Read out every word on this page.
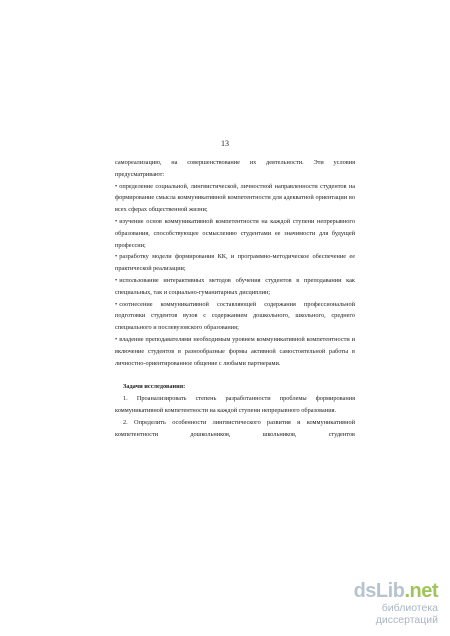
13

самореализацию, на совершенствование их деятельности. Эти условия предусматривают:

• определение социальной, лингвистической, личностной направленности студентов на формирование смысла коммуникативной компетентности для адекватной ориентации во всех сферах общественной жизни;

• изучение основ коммуникативной компетентности на каждой ступени непрерывного образования, способствующее осмыслению студентами ее значимости для будущей профессии;

• разработку модели формирования КК, и программно-методическое обеспечение ее практической реализации;

• использование интерактивных методов обучения студентов в преподавании как специальных, так и социально-гуманитарных дисциплин;

• соотнесение коммуникативной составляющей содержания профессиональной подготовки студентов вузов с содержанием дошкольного, школьного, среднего специального и послевузовского образования;

• владение преподавателями необходимым уровнем коммуникативной компетентности и включение студентов в разнообразные формы активной самостоятельной работы в личностно-ориентированное общение с любыми партнерами.

Задачи исследования:

1. Проанализировать степень разработанности проблемы формирования коммуникативной компетентности на каждой ступени непрерывного образования.

2. Определить особенности лингвистического развития и коммуникативной компетентности дошкольников, школьников, студентов

dsLib.net
библиотека диссертаций
